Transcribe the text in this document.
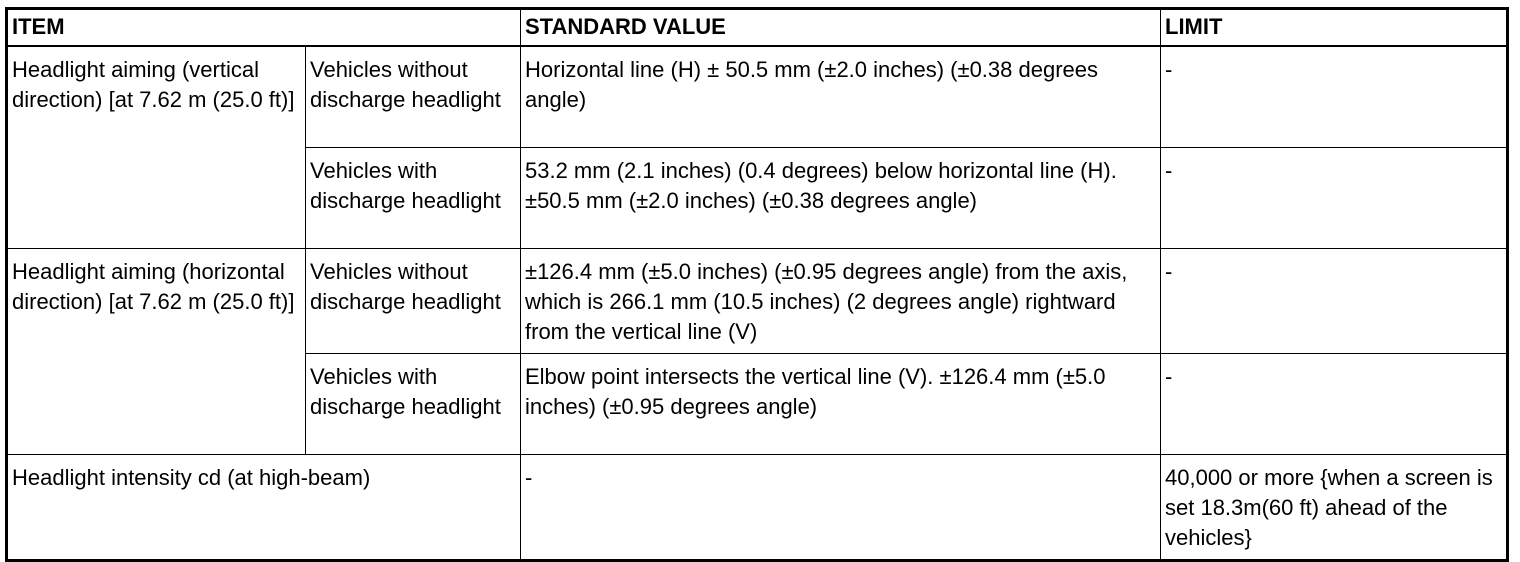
ITEM		STANDARD VALUE	LIMIT
Headlight aiming (vertical direction) [at 7.62 m (25.0 ft)]	Vehicles without discharge headlight	Horizontal line (H) ± 50.5 mm (±2.0 inches) (±0.38 degrees angle)	-
	Vehicles with discharge headlight	53.2 mm (2.1 inches) (0.4 degrees) below horizontal line (H). ±50.5 mm (±2.0 inches) (±0.38 degrees angle)	-
Headlight aiming (horizontal direction) [at 7.62 m (25.0 ft)]	Vehicles without discharge headlight	±126.4 mm (±5.0 inches) (±0.95 degrees angle) from the axis, which is 266.1 mm (10.5 inches) (2 degrees angle) rightward from the vertical line (V)	-
	Vehicles with discharge headlight	Elbow point intersects the vertical line (V). ±126.4 mm (±5.0 inches) (±0.95 degrees angle)	-
Headlight intensity cd (at high-beam)		-	40,000 or more {when a screen is set 18.3m(60 ft) ahead of the vehicles}
